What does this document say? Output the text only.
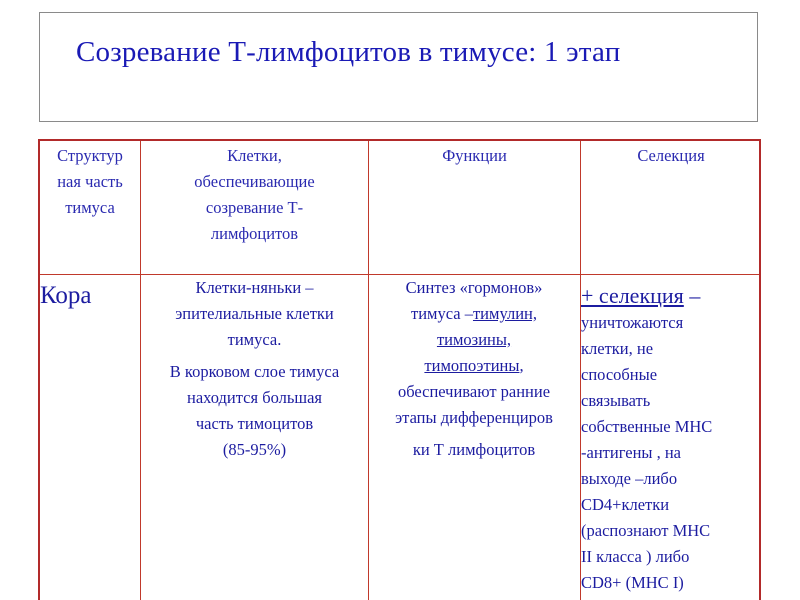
Созревание Т-лимфоцитов в тимусе: 1 этап
Структур
ная часть
тимуса
Клетки,
обеспечивающие
созревание Т-
лимфоцитов
Функции	Селекция
Кора	Клетки-няньки –
эпителиальные клетки
тимуса.
В корковом слое тимуса
находится большая
часть тимоцитов
(85-95%)
Синтез «гормонов»
тимуса –тимулин,
тимозины,
тимопоэтины,
обеспечивают ранние
этапы дифференциров
ки Т лимфоцитов
+ селекция –
уничтожаются
клетки, не
способные
связывать
собственные МНС
-антигены , на
выходе –либо
CD4+клетки
(распознают МНС
II класса ) либо
CD8+ (МНС I)
